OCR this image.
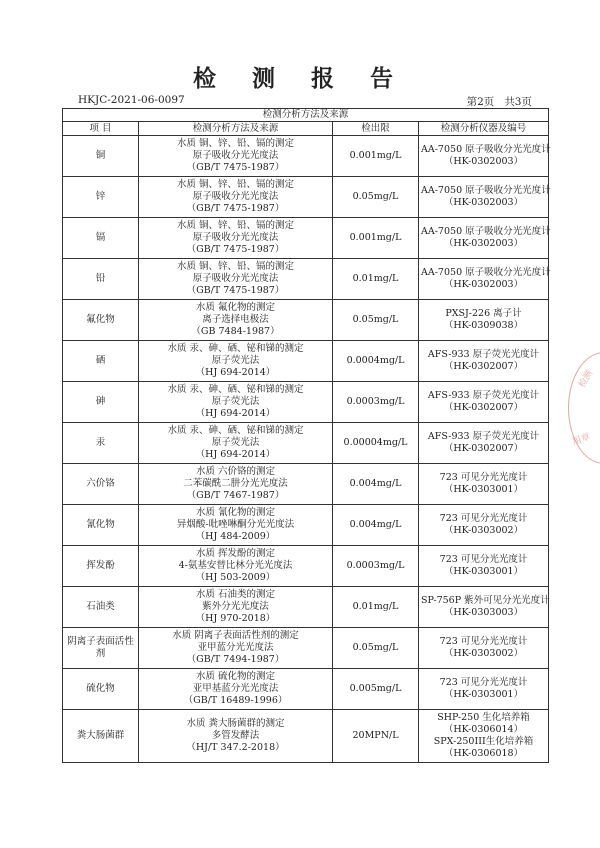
检 测 报 告
HKJC-2021-06-0097	第2页 共3页
检测分析方法及来源			
项 目	检测分析方法及来源	检出限	检测分析仪器及编号

铜	水质 铜、锌、铅、镉的测定
原子吸收分光光度法
（GB/T 7475-1987）	0.001mg/L	AA-7050 原子吸收分光光度计
（HK-0302003）

锌	水质 铜、锌、铅、镉的测定
原子吸收分光光度法
（GB/T 7475-1987）	0.05mg/L	AA-7050 原子吸收分光光度计
（HK-0302003）

镉	水质 铜、锌、铅、镉的测定
原子吸收分光光度法
（GB/T 7475-1987）	0.001mg/L	AA-7050 原子吸收分光光度计
（HK-0302003）

铅	水质 铜、锌、铅、镉的测定
原子吸收分光光度法
（GB/T 7475-1987）	0.01mg/L	AA-7050 原子吸收分光光度计
（HK-0302003）

氟化物	水质 氟化物的测定
离子选择电极法
（GB 7484-1987）	0.05mg/L	PXSJ-226 离子计
（HK-0309038）

硒	水质 汞、砷、硒、铋和锑的测定
原子荧光法
（HJ 694-2014）	0.0004mg/L	AFS-933 原子荧光光度计
（HK-0302007）

砷	水质 汞、砷、硒、铋和锑的测定
原子荧光法
（HJ 694-2014）	0.0003mg/L	AFS-933 原子荧光光度计
（HK-0302007）

汞	水质 汞、砷、硒、铋和锑的测定
原子荧光法
（HJ 694-2014）	0.00004mg/L	AFS-933 原子荧光光度计
（HK-0302007）

六价铬	水质 六价铬的测定
二苯碳酰二肼分光光度法
（GB/T 7467-1987）	0.004mg/L	723 可见分光光度计
（HK-0303001）

氰化物	水质 氰化物的测定
异烟酸-吡唑啉酮分光光度法
（HJ 484-2009）	0.004mg/L	723 可见分光光度计
（HK-0303002）

挥发酚	水质 挥发酚的测定
4-氨基安替比林分光光度法
（HJ 503-2009）	0.0003mg/L	723 可见分光光度计
（HK-0303001）

石油类	水质 石油类的测定
紫外分光光度法
（HJ 970-2018）	0.01mg/L	SP-756P 紫外可见分光光度计
（HK-0303003）

阴离子表面活性
剂	水质 阴离子表面活性剂的测定
亚甲蓝分光光度法
（GB/T 7494-1987）	0.05mg/L	723 可见分光光度计
（HK-0303002）

硫化物	水质 硫化物的测定
亚甲基蓝分光光度法
（GB/T 16489-1996）	0.005mg/L	723 可见分光光度计
（HK-0303001）

粪大肠菌群	水质 粪大肠菌群的测定
多管发酵法
（HJ/T 347.2-2018）	20MPN/L	SHP-250 生化培养箱
（HK-0306014）
SPX-250III生化培养箱
（HK-0306018）
检测
用章
